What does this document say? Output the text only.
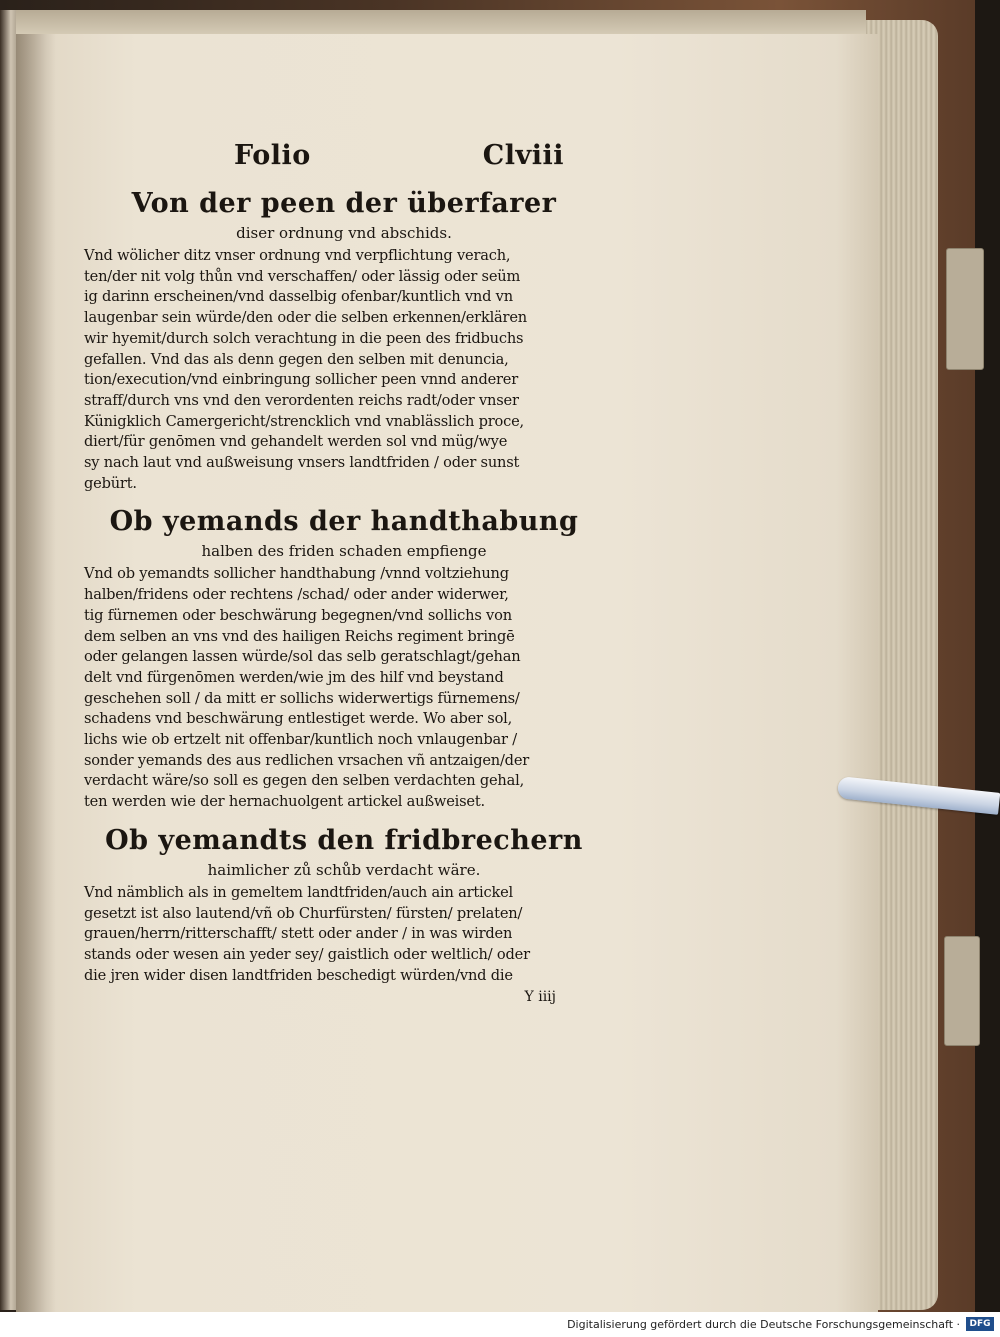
Folio	Clviii
Von der peen der überfarer
diser ordnung vnd abschids.
Vnd wölicher ditz vnser ordnung vnd verpflichtung verach,
ten/der nit volg thůn vnd verschaffen/ oder lässig oder seüm
ig darinn erscheinen/vnd dasselbig ofenbar/kuntlich vnd vn
laugenbar sein würde/den oder die selben erkennen/erklären
wir hyemit/durch solch verachtung in die peen des fridbuchs
gefallen. Vnd das als denn gegen den selben mit denuncia,
tion/execution/vnd einbringung sollicher peen vnnd anderer
straff/durch vns vnd den verordenten reichs radt/oder vnser
Künigklich Camergericht/strencklich vnd vnablässlich proce,
diert/für genōmen vnd gehandelt werden sol vnd müg/wye
sy nach laut vnd außweisung vnsers landtfriden / oder sunst
gebürt.
Ob yemands der handthabung
halben des friden schaden empfienge
Vnd ob yemandts sollicher handthabung /vnnd voltziehung
halben/fridens oder rechtens /schad/ oder ander widerwer,
tig fürnemen oder beschwärung begegnen/vnd sollichs von
dem selben an vns vnd des hailigen Reichs regiment bringē
oder gelangen lassen würde/sol das selb geratschlagt/gehan
delt vnd fürgenōmen werden/wie jm des hilf vnd beystand
geschehen soll / da mitt er sollichs widerwertigs fürnemens/
schadens vnd beschwärung entlestiget werde. Wo aber sol,
lichs wie ob ertzelt nit offenbar/kuntlich noch vnlaugenbar /
sonder yemands des aus redlichen vrsachen vñ antzaigen/der
verdacht wäre/so soll es gegen den selben verdachten gehal,
ten werden wie der hernachuolgent artickel außweiset.
Ob yemandts den fridbrechern
haimlicher zů schůb verdacht wäre.
Vnd nämblich als in gemeltem landtfriden/auch ain artickel
gesetzt ist also lautend/vñ ob Churfürsten/ fürsten/ prelaten/
grauen/herrn/ritterschafft/ stett oder ander / in was wirden
stands oder wesen ain yeder sey/ gaistlich oder weltlich/ oder
die jren wider disen landtfriden beschedigt würden/vnd die
Y iiij
Digitalisierung gefördert durch die Deutsche Forschungsgemeinschaft ·	DFG
